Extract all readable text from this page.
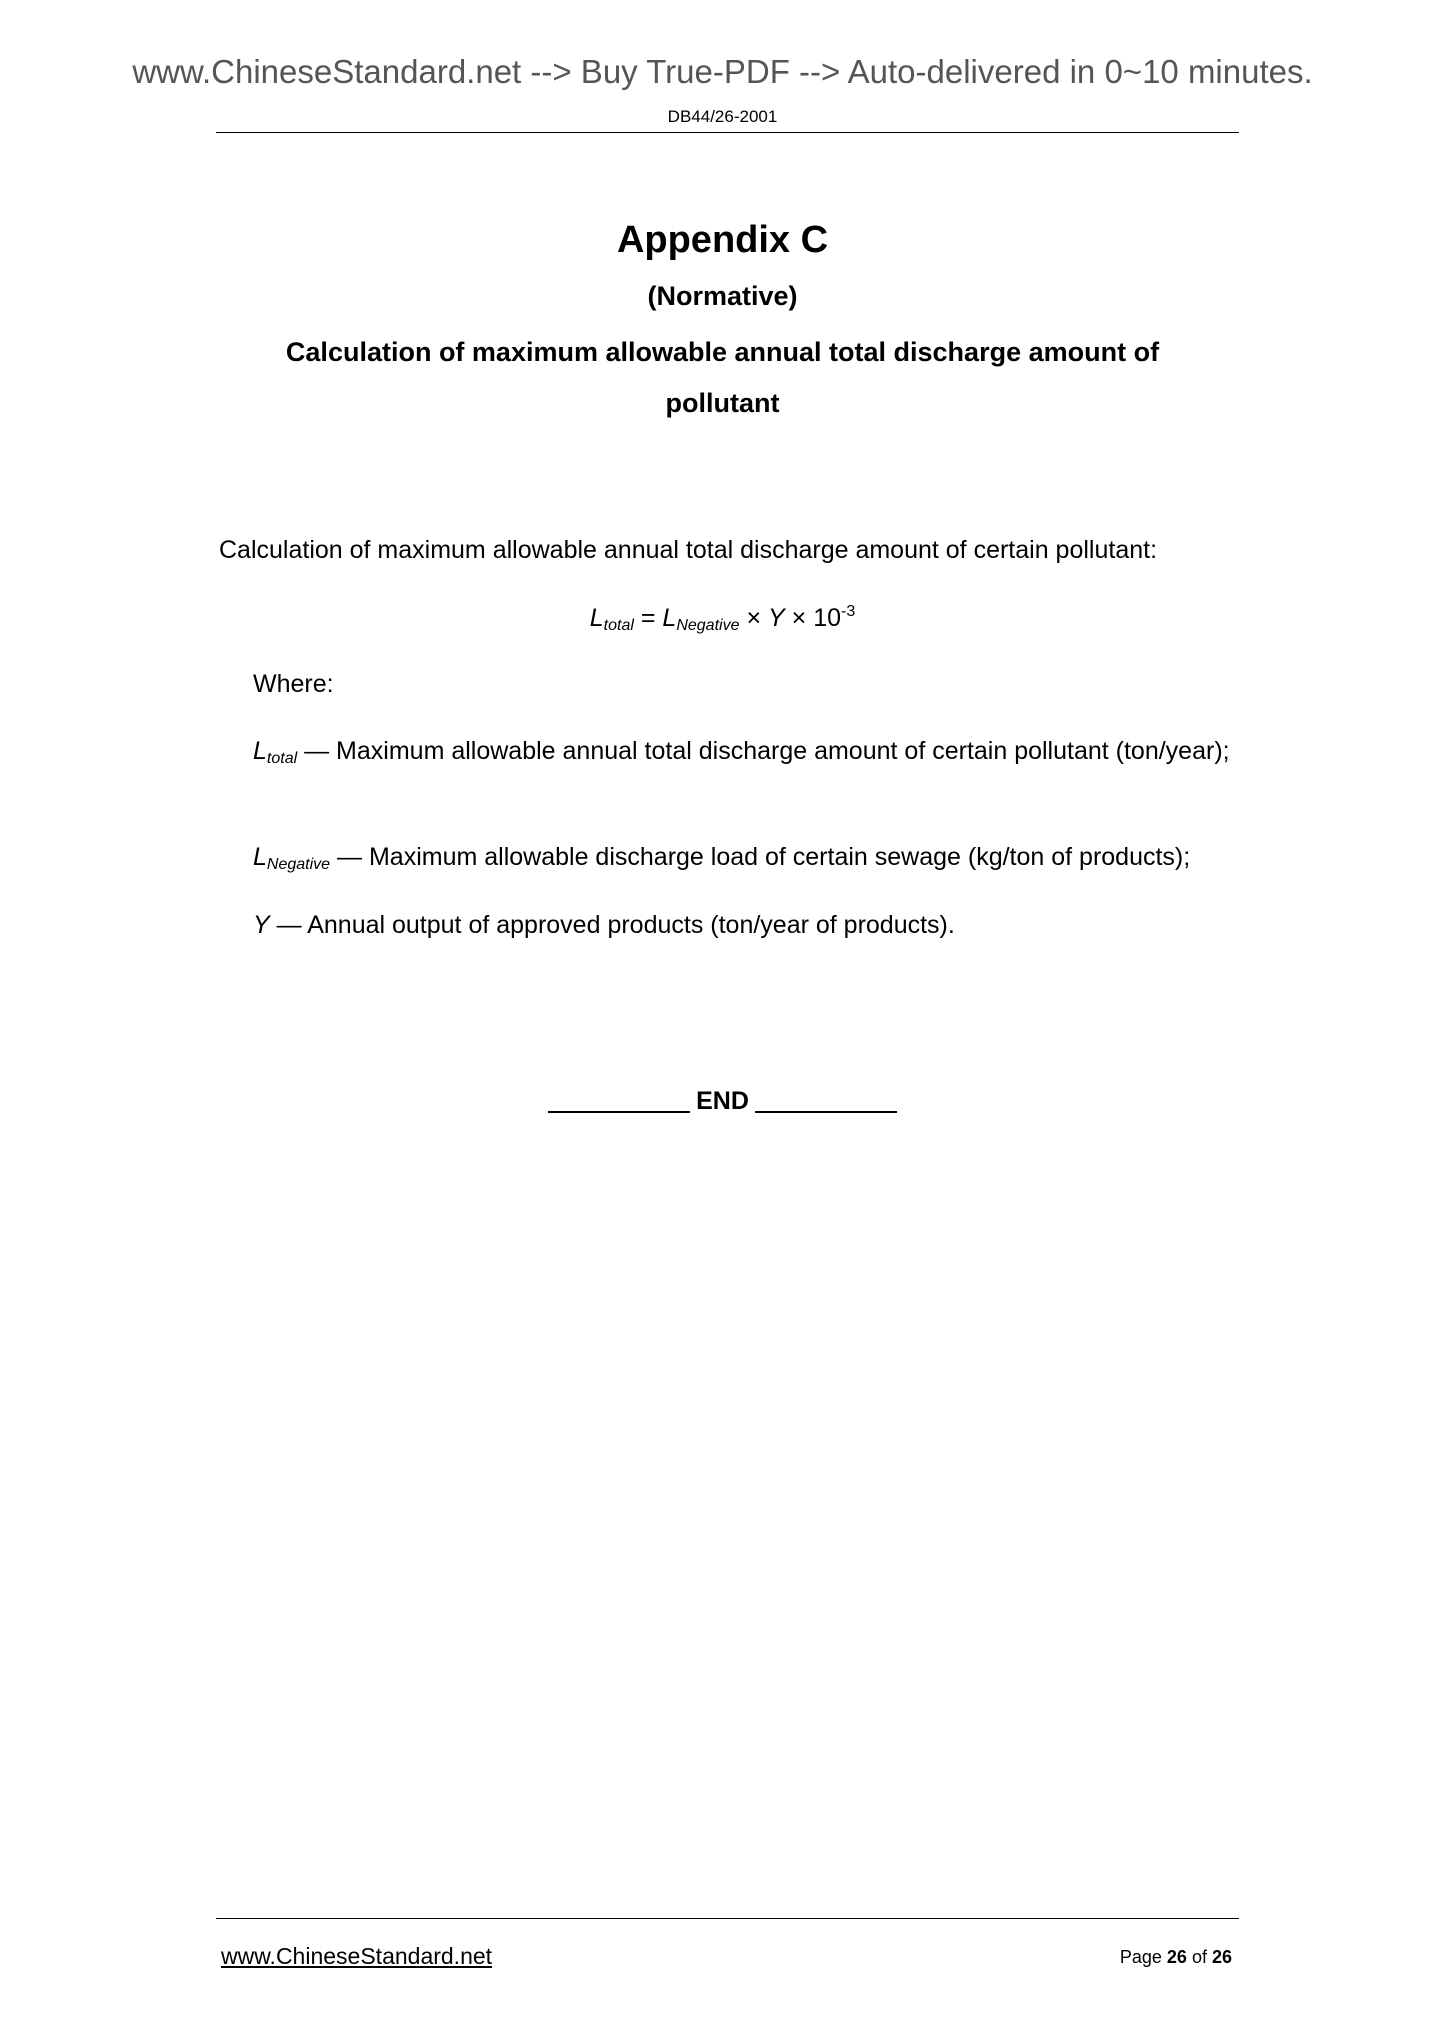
www.ChineseStandard.net --> Buy True-PDF --> Auto-delivered in 0~10 minutes.
DB44/26-2001
Appendix C
(Normative)
Calculation of maximum allowable annual total discharge amount of pollutant
Calculation of maximum allowable annual total discharge amount of certain pollutant:
$L_{total} = L_{Negative} \times Y \times 10^{-3}$
Where:
$L_{total}$ — Maximum allowable annual total discharge amount of certain pollutant (ton/year);
$L_{Negative}$ — Maximum allowable discharge load of certain sewage (kg/ton of products);
Y — Annual output of approved products (ton/year of products).
END
www.ChineseStandard.net	Page 26 of 26
